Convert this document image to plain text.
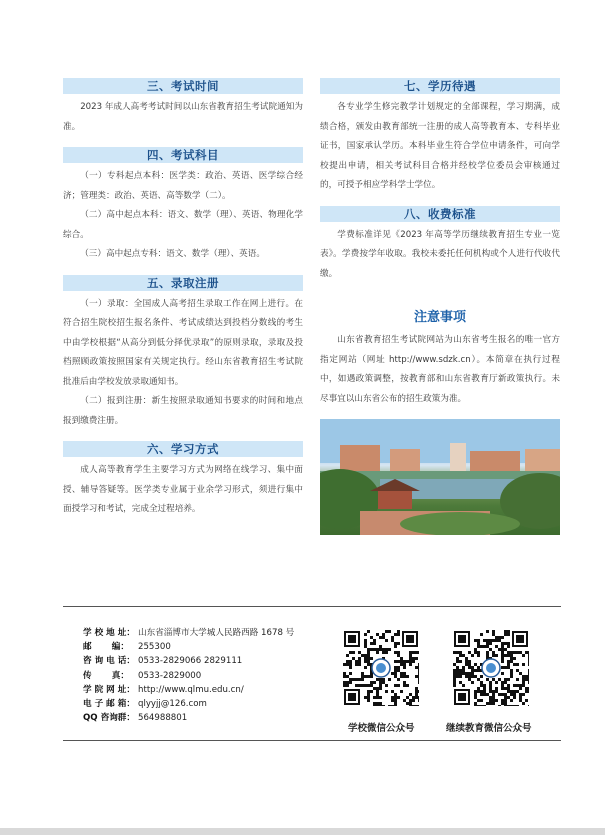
三、考试时间

2023 年成人高考考试时间以山东省教育招生考试院通知为准。

四、考试科目

（一）专科起点本科：医学类：政治、英语、医学综合经济；管理类：政治、英语、高等数学（二）。

（二）高中起点本科：语文、数学（理）、英语、物理化学综合。

（三）高中起点专科：语文、数学（理）、英语。

五、录取注册

（一）录取：全国成人高考招生录取工作在网上进行。在符合招生院校招生报名条件、考试成绩达到投档分数线的考生中由学校根据“从高分到低分择优录取”的原则录取，录取及投档照顾政策按照国家有关规定执行。经山东省教育招生考试院批准后由学校发放录取通知书。

（二）报到注册：新生按照录取通知书要求的时间和地点报到缴费注册。

六、学习方式

成人高等教育学生主要学习方式为网络在线学习、集中面授、辅导答疑等。医学类专业属于业余学习形式，须进行集中面授学习和考试，完成全过程培养。

七、学历待遇

各专业学生修完教学计划规定的全部课程，学习期满，成绩合格，颁发由教育部统一注册的成人高等教育本、专科毕业证书，国家承认学历。本科毕业生符合学位申请条件，可向学校提出申请，相关考试科目合格并经校学位委员会审核通过的，可授予相应学科学士学位。

八、收费标准

学费标准详见《2023 年高等学历继续教育招生专业一览表》。学费按学年收取。我校未委托任何机构或个人进行代收代缴。

注意事项

山东省教育招生考试院网站为山东省考生报名的唯一官方指定网站（网址 http://www.sdzk.cn）。本简章在执行过程中，如遇政策调整，按教育部和山东省教育厅新政策执行。未尽事宜以山东省公布的招生政策为准。

学 校 地 址： 山东省淄博市大学城人民路西路 1678 号
邮　　 编：	255300
咨 询 电 话： 0533-2829066 2829111
传　　 真：	0533-2829000
学 院 网 址： http://www.qlmu.edu.cn/
电 子 邮 箱： qlyyjj@126.com
QQ 咨询群： 564988801
学校微信公众号	继续教育微信公众号
